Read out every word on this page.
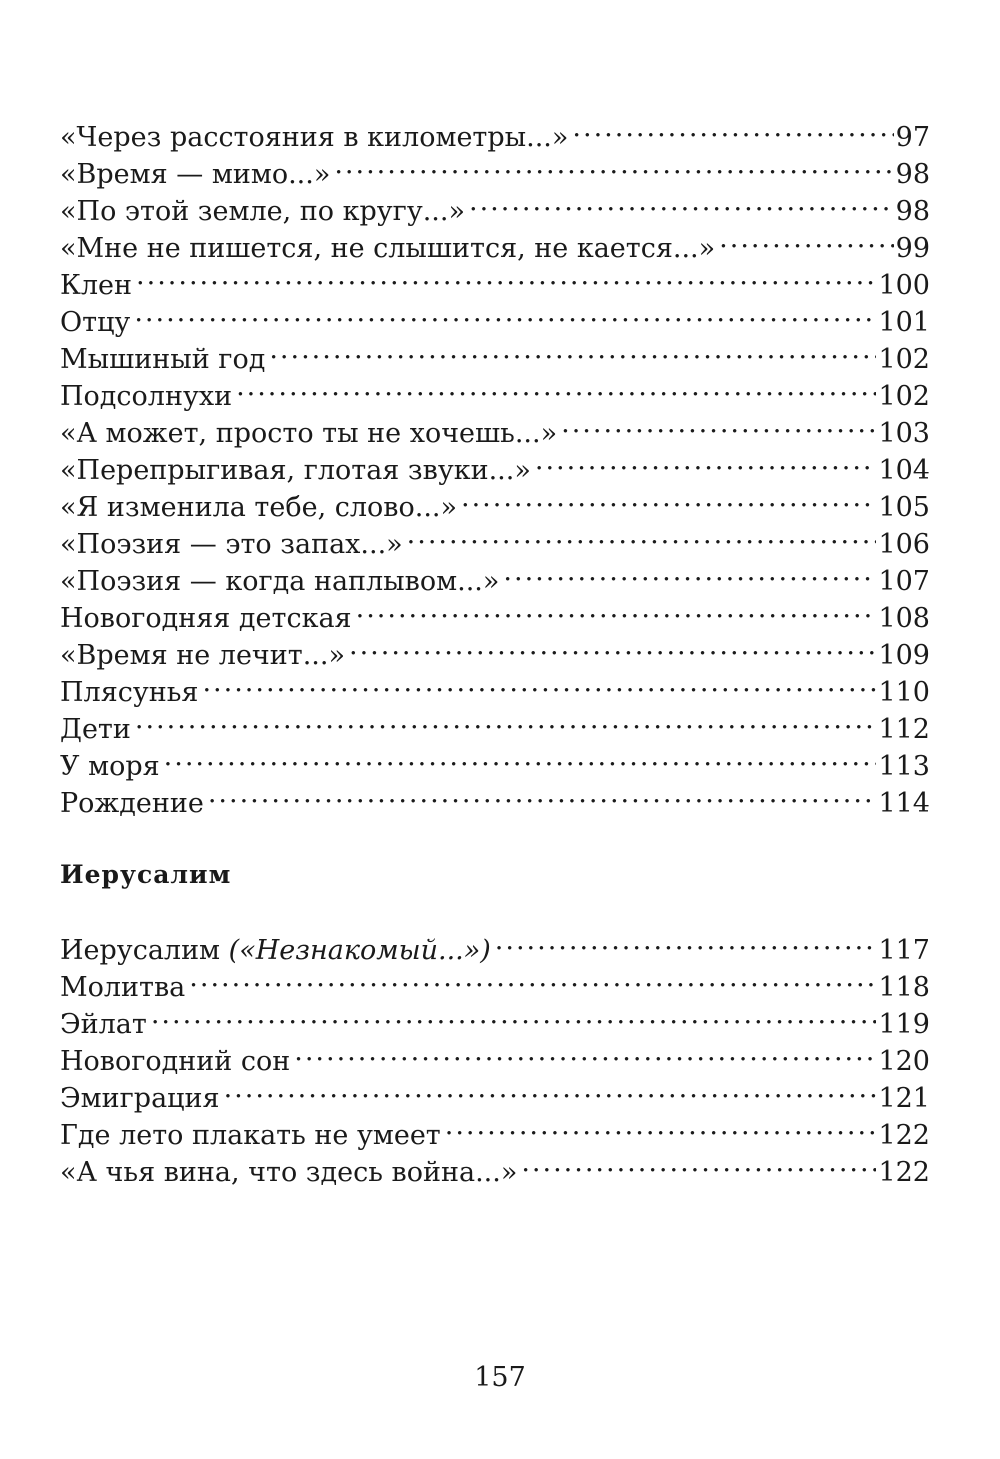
«Через расстояния в километры...» .....	97
«Время — мимо...» .....	98
«По этой земле, по кругу...» .....	98
«Мне не пишется, не слышится, не кается...» .....	99
Клен .....	100
Отцу .....	101
Мышиный год .....	102
Подсолнухи .....	102
«А может, просто ты не хочешь...» .....	103
«Перепрыгивая, глотая звуки...» .....	104
«Я изменила тебе, слово...» .....	105
«Поэзия — это запах...» .....	106
«Поэзия — когда наплывом...» .....	107
Новогодняя детская .....	108
«Время не лечит...» .....	109
Плясунья .....	110
Дети .....	112
У моря .....	113
Рождение .....	114
Иерусалим
Иерусалим («Незнакомый...») .....	117
Молитва .....	118
Эйлат .....	119
Новогодний сон .....	120
Эмиграция .....	121
Где лето плакать не умеет .....	122
«А чья вина, что здесь война...» .....	122
157
